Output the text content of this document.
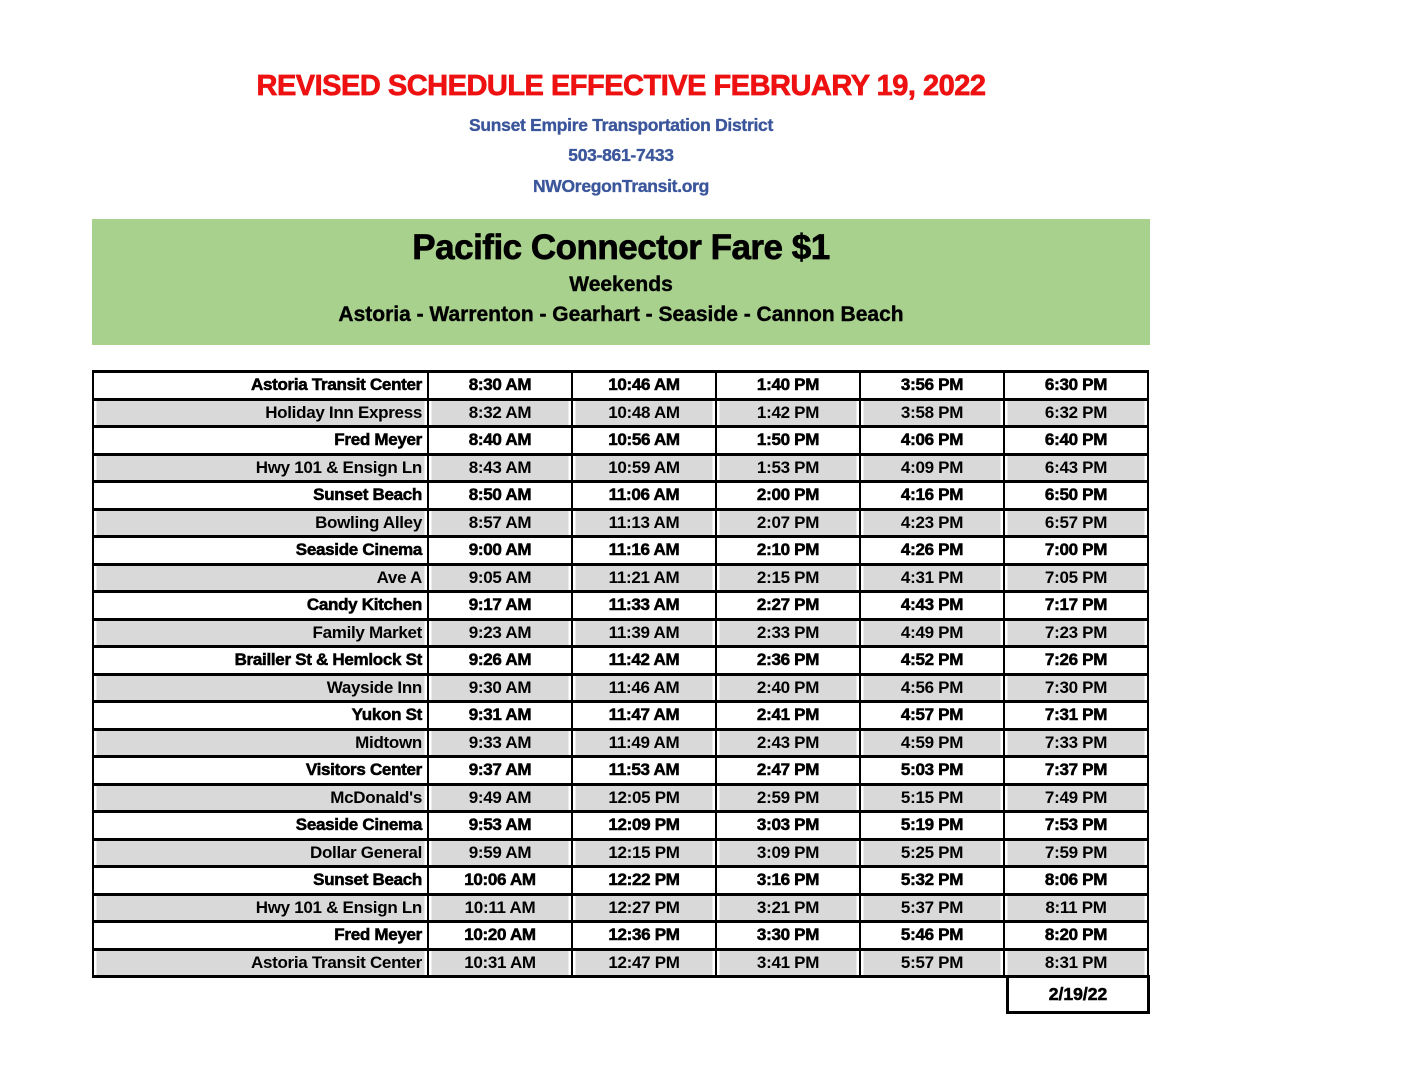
REVISED SCHEDULE EFFECTIVE FEBRUARY 19, 2022
Sunset Empire Transportation District
503-861-7433
NWOregonTransit.org
Pacific Connector Fare $1
Weekends
Astoria - Warrenton - Gearhart - Seaside - Cannon Beach
Astoria Transit Center	8:30 AM	10:46 AM	1:40 PM	3:56 PM	6:30 PM
Holiday Inn Express	8:32 AM	10:48 AM	1:42 PM	3:58 PM	6:32 PM
Fred Meyer	8:40 AM	10:56 AM	1:50 PM	4:06 PM	6:40 PM
Hwy 101 & Ensign Ln	8:43 AM	10:59 AM	1:53 PM	4:09 PM	6:43 PM
Sunset Beach	8:50 AM	11:06 AM	2:00 PM	4:16 PM	6:50 PM
Bowling Alley	8:57 AM	11:13 AM	2:07 PM	4:23 PM	6:57 PM
Seaside Cinema	9:00 AM	11:16 AM	2:10 PM	4:26 PM	7:00 PM
Ave A	9:05 AM	11:21 AM	2:15 PM	4:31 PM	7:05 PM
Candy Kitchen	9:17 AM	11:33 AM	2:27 PM	4:43 PM	7:17 PM
Family Market	9:23 AM	11:39 AM	2:33 PM	4:49 PM	7:23 PM
Brailler St & Hemlock St	9:26 AM	11:42 AM	2:36 PM	4:52 PM	7:26 PM
Wayside Inn	9:30 AM	11:46 AM	2:40 PM	4:56 PM	7:30 PM
Yukon St	9:31 AM	11:47 AM	2:41 PM	4:57 PM	7:31 PM
Midtown	9:33 AM	11:49 AM	2:43 PM	4:59 PM	7:33 PM
Visitors Center	9:37 AM	11:53 AM	2:47 PM	5:03 PM	7:37 PM
McDonald's	9:49 AM	12:05 PM	2:59 PM	5:15 PM	7:49 PM
Seaside Cinema	9:53 AM	12:09 PM	3:03 PM	5:19 PM	7:53 PM
Dollar General	9:59 AM	12:15 PM	3:09 PM	5:25 PM	7:59 PM
Sunset Beach	10:06 AM	12:22 PM	3:16 PM	5:32 PM	8:06 PM
Hwy 101 & Ensign Ln	10:11 AM	12:27 PM	3:21 PM	5:37 PM	8:11 PM
Fred Meyer	10:20 AM	12:36 PM	3:30 PM	5:46 PM	8:20 PM
Astoria Transit Center	10:31 AM	12:47 PM	3:41 PM	5:57 PM	8:31 PM
2/19/22
